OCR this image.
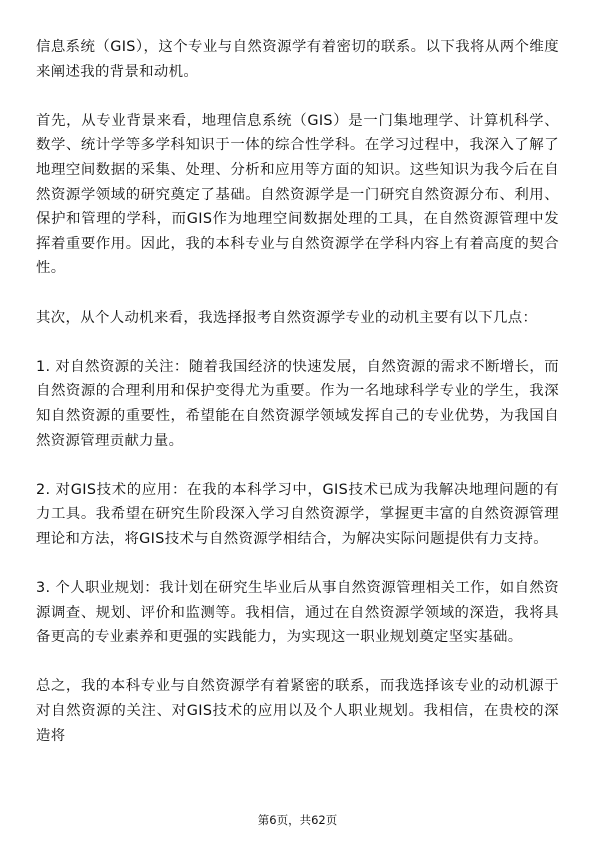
信息系统（GIS），这个专业与自然资源学有着密切的联系。以下我将从两个维度来阐述我的背景和动机。

首先，从专业背景来看，地理信息系统（GIS）是一门集地理学、计算机科学、数学、统计学等多学科知识于一体的综合性学科。在学习过程中，我深入了解了地理空间数据的采集、处理、分析和应用等方面的知识。这些知识为我今后在自然资源学领域的研究奠定了基础。自然资源学是一门研究自然资源分布、利用、保护和管理的学科，而GIS作为地理空间数据处理的工具，在自然资源管理中发挥着重要作用。因此，我的本科专业与自然资源学在学科内容上有着高度的契合性。

其次，从个人动机来看，我选择报考自然资源学专业的动机主要有以下几点：

1. 对自然资源的关注：随着我国经济的快速发展，自然资源的需求不断增长，而自然资源的合理利用和保护变得尤为重要。作为一名地球科学专业的学生，我深知自然资源的重要性，希望能在自然资源学领域发挥自己的专业优势，为我国自然资源管理贡献力量。

2. 对GIS技术的应用：在我的本科学习中，GIS技术已成为我解决地理问题的有力工具。我希望在研究生阶段深入学习自然资源学，掌握更丰富的自然资源管理理论和方法，将GIS技术与自然资源学相结合，为解决实际问题提供有力支持。

3. 个人职业规划：我计划在研究生毕业后从事自然资源管理相关工作，如自然资源调查、规划、评价和监测等。我相信，通过在自然资源学领域的深造，我将具备更高的专业素养和更强的实践能力，为实现这一职业规划奠定坚实基础。

总之，我的本科专业与自然资源学有着紧密的联系，而我选择该专业的动机源于对自然资源的关注、对GIS技术的应用以及个人职业规划。我相信，在贵校的深造将

第6页，共62页
